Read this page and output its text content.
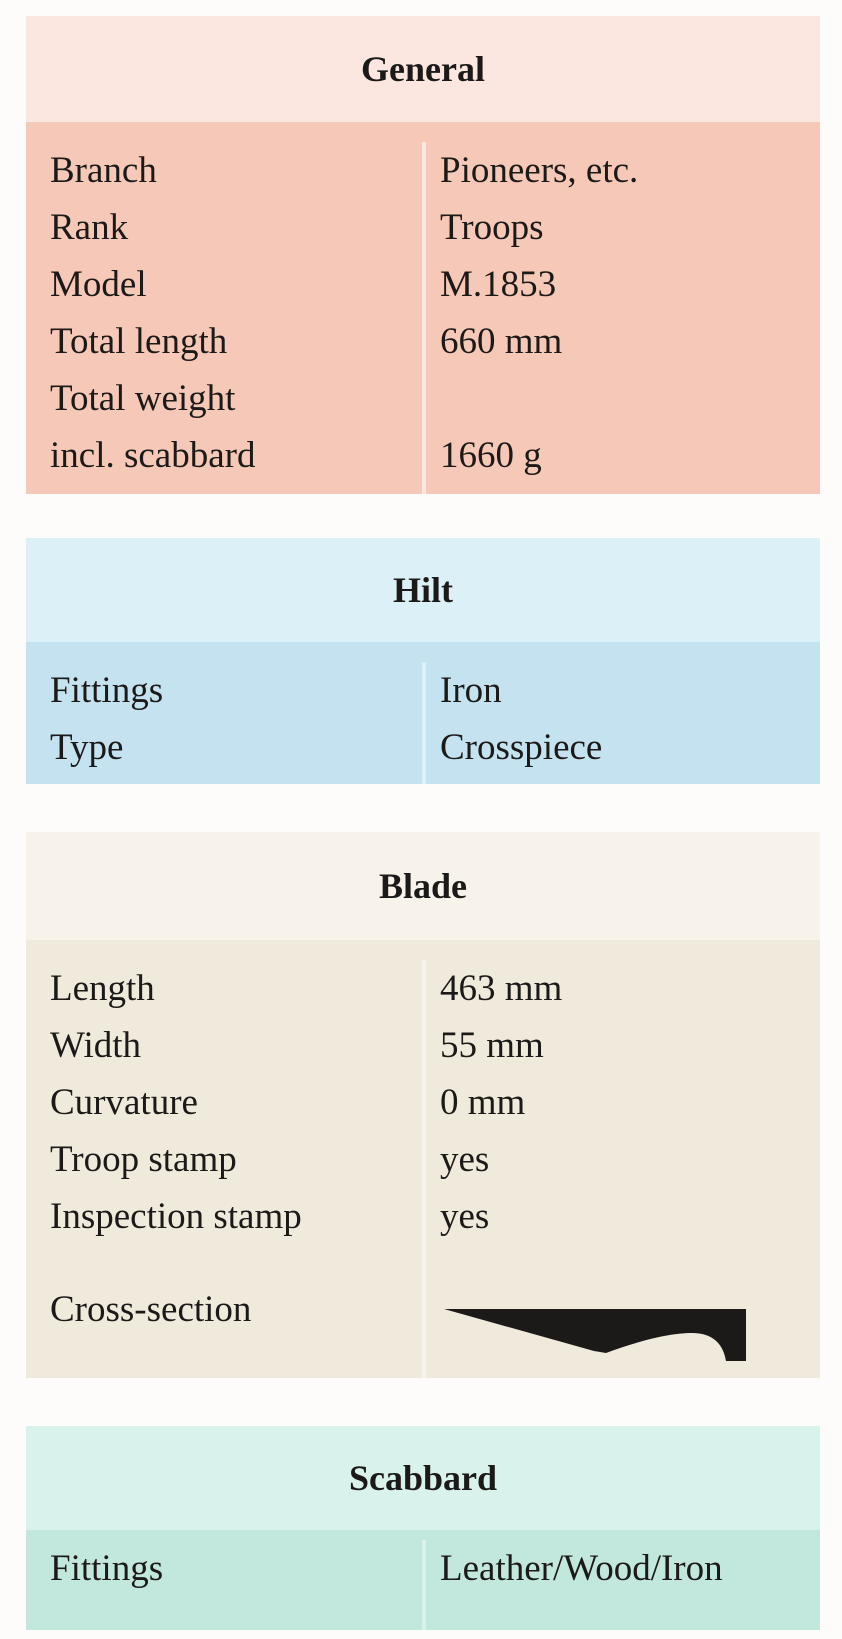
General
Branch
Rank
Model
Total length
Total weight
incl. scabbard
Pioneers, etc.
Troops
M.1853
660 mm
1660 g
Hilt
Fittings
Type
Iron
Crosspiece
Blade
Length
Width
Curvature
Troop stamp
Inspection stamp
Cross-section
463 mm
55 mm
0 mm
yes
yes
Scabbard
Fittings	Leather/Wood/Iron
